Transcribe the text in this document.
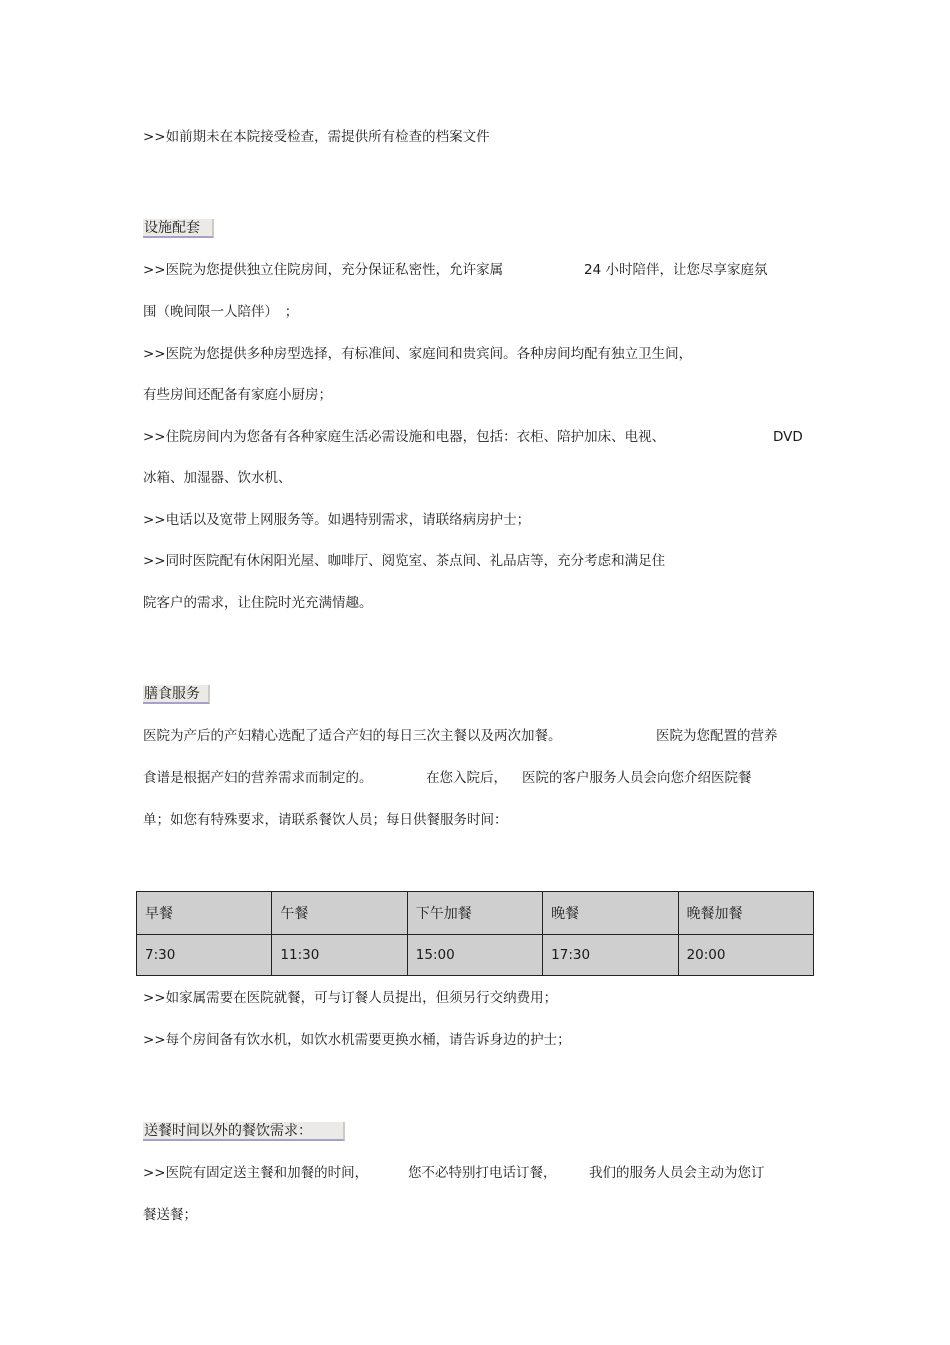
>>如前期未在本院接受检查，需提供所有检查的档案文件
设施配套
>>医院为您提供独立住院房间，充分保证私密性，允许家属	24 小时陪伴，让您尽享家庭氛
围（晚间限一人陪伴）　；
>>医院为您提供多种房型选择，有标准间、家庭间和贵宾间。各种房间均配有独立卫生间，
有些房间还配备有家庭小厨房；
>>住院房间内为您备有各种家庭生活必需设施和电器，包括：衣柜、陪护加床、电视、	DVD
冰箱、加湿器、饮水机、
>>电话以及宽带上网服务等。如遇特别需求，请联络病房护士；
>>同时医院配有休闲阳光屋、咖啡厅、阅览室、茶点间、礼品店等，充分考虑和满足住
院客户的需求，让住院时光充满情趣。
膳食服务
医院为产后的产妇精心选配了适合产妇的每日三次主餐以及两次加餐。	医院为您配置的营养
食谱是根据产妇的营养需求而制定的。	在您入院后， 医院的客户服务人员会向您介绍医院餐
单；如您有特殊要求，请联系餐饮人员；每日供餐服务时间：
早餐	午餐	下午加餐	晚餐	晚餐加餐
7:30	11:30	15:00	17:30	20:00
>>如家属需要在医院就餐，可与订餐人员提出，但须另行交纳费用；
>>每个房间备有饮水机，如饮水机需要更换水桶，请告诉身边的护士；
送餐时间以外的餐饮需求：
>>医院有固定送主餐和加餐的时间，	您不必特别打电话订餐， 我们的服务人员会主动为您订
餐送餐；
